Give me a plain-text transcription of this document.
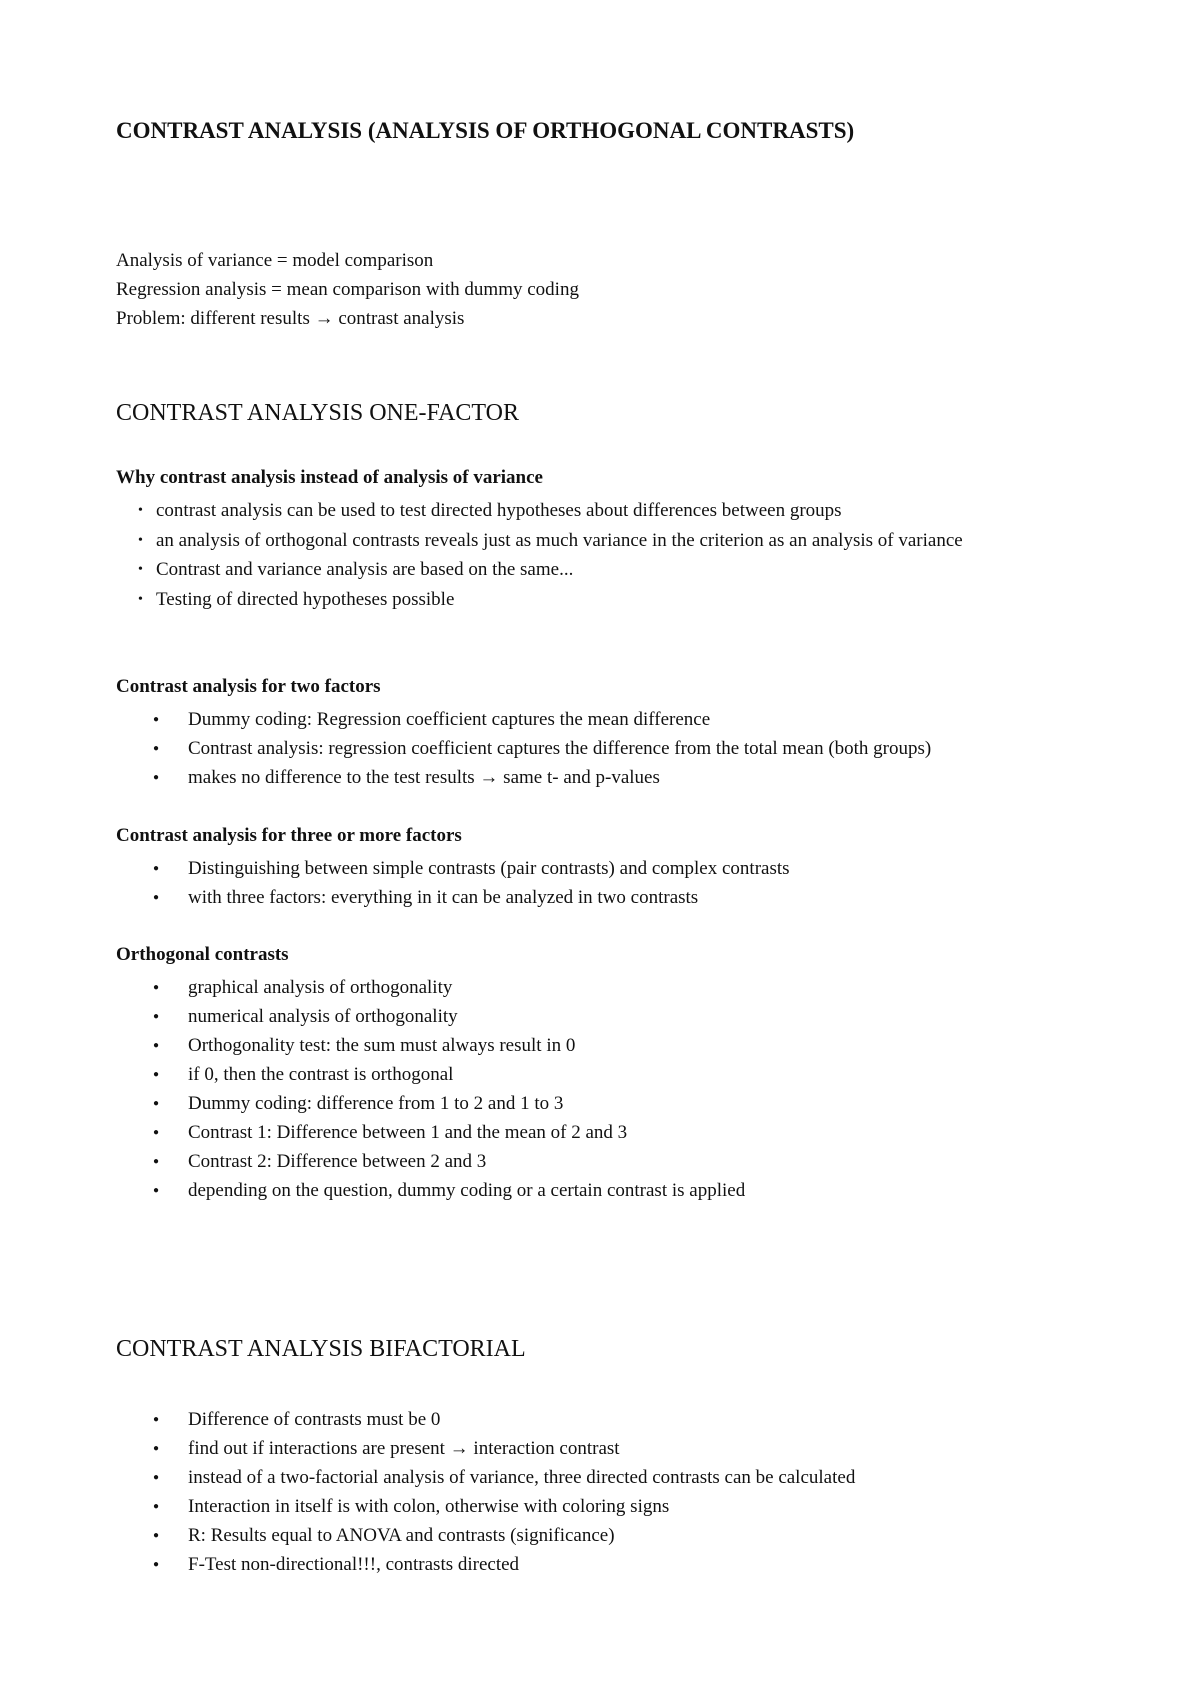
CONTRAST ANALYSIS (ANALYSIS OF ORTHOGONAL CONTRASTS)
Analysis of variance = model comparison
Regression analysis = mean comparison with dummy coding
Problem: different results → contrast analysis
CONTRAST ANALYSIS ONE-FACTOR
Why contrast analysis instead of analysis of variance
• contrast analysis can be used to test directed hypotheses about differences between groups
• an analysis of orthogonal contrasts reveals just as much variance in the criterion as an analysis of variance
• Contrast and variance analysis are based on the same...
• Testing of directed hypotheses possible
Contrast analysis for two factors
● Dummy coding: Regression coefficient captures the mean difference
● Contrast analysis: regression coefficient captures the difference from the total mean (both groups)
● makes no difference to the test results → same t- and p-values
Contrast analysis for three or more factors
● Distinguishing between simple contrasts (pair contrasts) and complex contrasts
● with three factors: everything in it can be analyzed in two contrasts
Orthogonal contrasts
● graphical analysis of orthogonality
● numerical analysis of orthogonality
● Orthogonality test: the sum must always result in 0
● if 0, then the contrast is orthogonal
● Dummy coding: difference from 1 to 2 and 1 to 3
● Contrast 1: Difference between 1 and the mean of 2 and 3
● Contrast 2: Difference between 2 and 3
● depending on the question, dummy coding or a certain contrast is applied
CONTRAST ANALYSIS BIFACTORIAL
● Difference of contrasts must be 0
● find out if interactions are present → interaction contrast
● instead of a two-factorial analysis of variance, three directed contrasts can be calculated
● Interaction in itself is with colon, otherwise with coloring signs
● R: Results equal to ANOVA and contrasts (significance)
● F-Test non-directional!!!, contrasts directed
